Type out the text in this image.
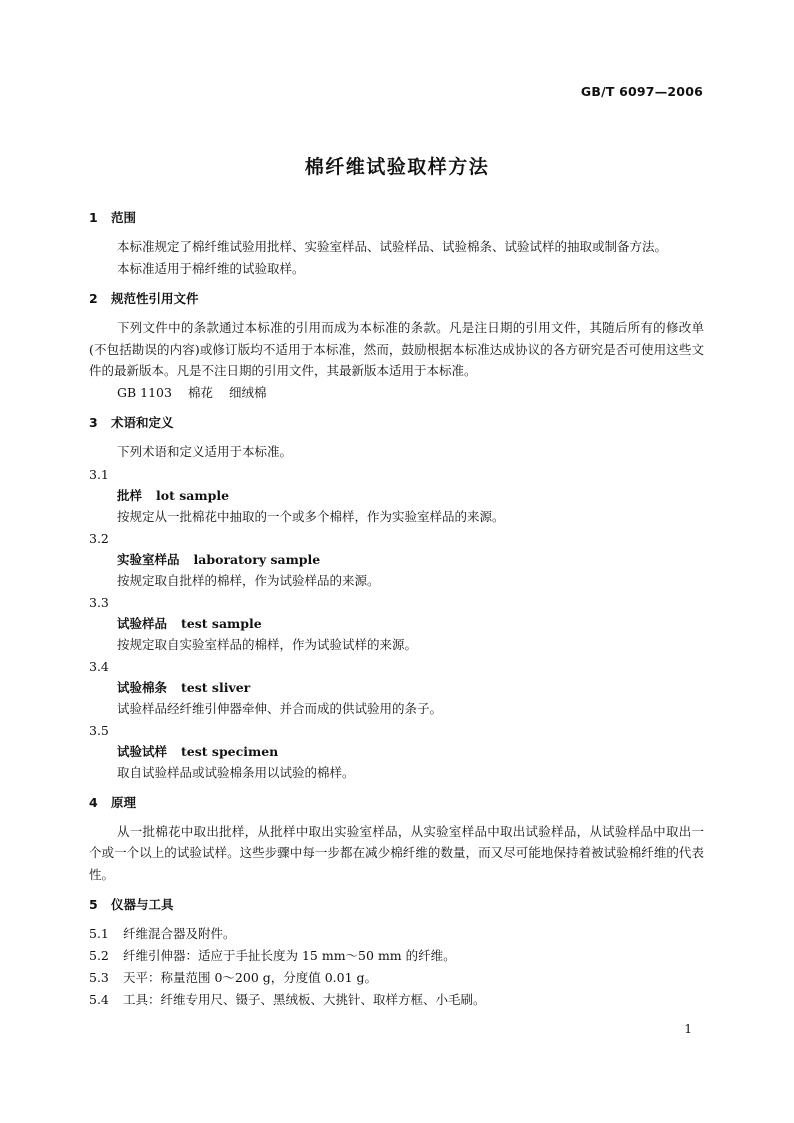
GB/T 6097—2006
棉纤维试验取样方法
1 范围

本标准规定了棉纤维试验用批样、实验室样品、试验样品、试验棉条、试验试样的抽取或制备方法。

本标准适用于棉纤维的试验取样。

2 规范性引用文件

下列文件中的条款通过本标准的引用而成为本标准的条款。凡是注日期的引用文件，其随后所有的修改单(不包括勘误的内容)或修订版均不适用于本标准，然而，鼓励根据本标准达成协议的各方研究是否可使用这些文件的最新版本。凡是不注日期的引用文件，其最新版本适用于本标准。

GB 1103 棉花 细绒棉

3 术语和定义

下列术语和定义适用于本标准。

3.1
批样 lot sample
按规定从一批棉花中抽取的一个或多个棉样，作为实验室样品的来源。
3.2
实验室样品 laboratory sample
按规定取自批样的棉样，作为试验样品的来源。
3.3
试验样品 test sample
按规定取自实验室样品的棉样，作为试验试样的来源。
3.4
试验棉条 test sliver
试验样品经纤维引伸器牵伸、并合而成的供试验用的条子。
3.5
试验试样 test specimen
取自试验样品或试验棉条用以试验的棉样。
4 原理

从一批棉花中取出批样，从批样中取出实验室样品，从实验室样品中取出试验样品，从试验样品中取出一个或一个以上的试验试样。这些步骤中每一步都在减少棉纤维的数量，而又尽可能地保持着被试验棉纤维的代表性。

5 仪器与工具
5.1 纤维混合器及附件。
5.2 纤维引伸器：适应于手扯长度为 15 mm～50 mm 的纤维。
5.3 天平：称量范围 0～200 g，分度值 0.01 g。
5.4 工具：纤维专用尺、镊子、黑绒板、大挑针、取样方框、小毛刷。
1
